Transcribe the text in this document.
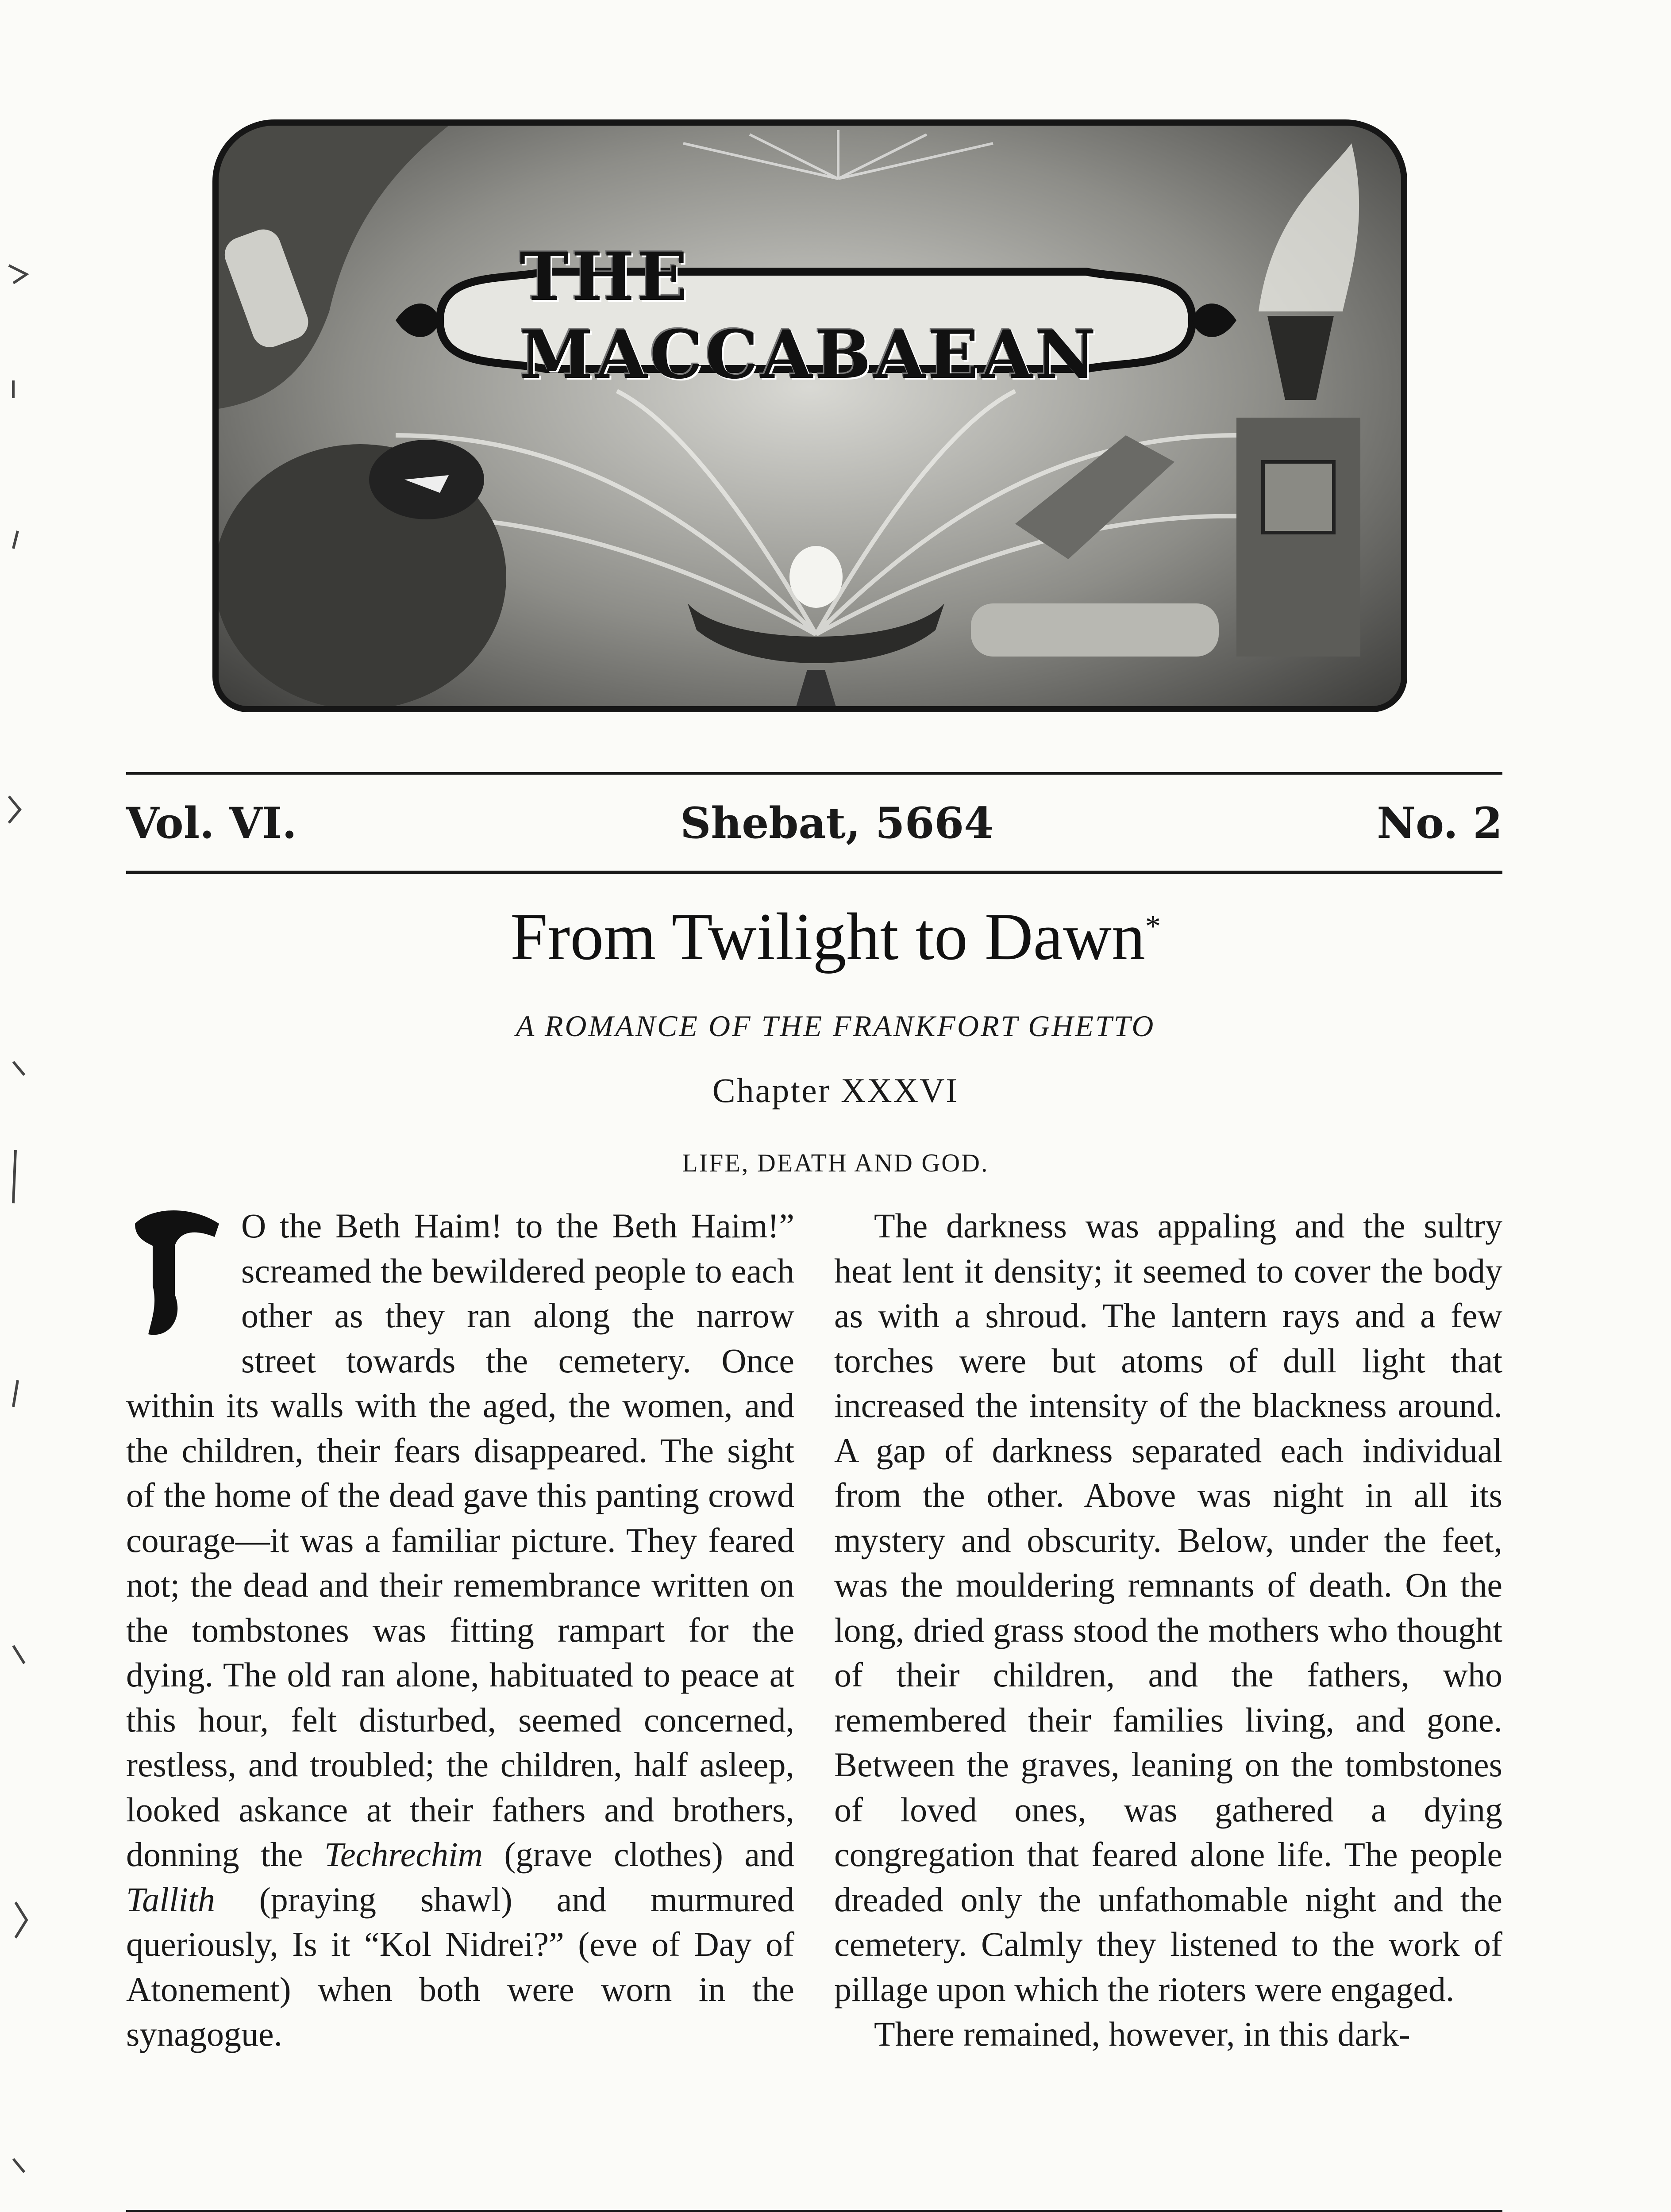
THE MACCABAEAN
Vol. VI.	Shebat, 5664	No. 2
From Twilight to Dawn*
A ROMANCE OF THE FRANKFORT GHETTO
Chapter XXXVI
LIFE, DEATH AND GOD.

O the Beth Haim! to the Beth Haim!” screamed the bewildered people to each other as they ran along the narrow street towards the cemetery. Once within its walls with the aged, the women, and the children, their fears disappeared. The sight of the home of the dead gave this panting crowd courage—it was a familiar picture. They feared not; the dead and their remembrance written on the tombstones was fitting rampart for the dying. The old ran alone, habituated to peace at this hour, felt disturbed, seemed concerned, restless, and troubled; the children, half asleep, looked askance at their fathers and brothers, donning the Techrechim (grave clothes) and Tallith (praying shawl) and murmured queriously, Is it “Kol Nidrei?” (eve of Day of Atonement) when both were worn in the synagogue.

The darkness was appaling and the sultry heat lent it density; it seemed to cover the body as with a shroud. The lantern rays and a few torches were but atoms of dull light that increased the intensity of the blackness around. A gap of darkness separated each individual from the other. Above was night in all its mystery and obscurity. Below, under the feet, was the mouldering remnants of death. On the long, dried grass stood the mothers who thought of their children, and the fathers, who remembered their families living, and gone. Between the graves, leaning on the tombstones of loved ones, was gathered a dying congregation that feared alone life. The people dreaded only the unfathomable night and the cemetery. Calmly they listened to the work of pillage upon which the rioters were engaged.

There remained, however, in this dark-
